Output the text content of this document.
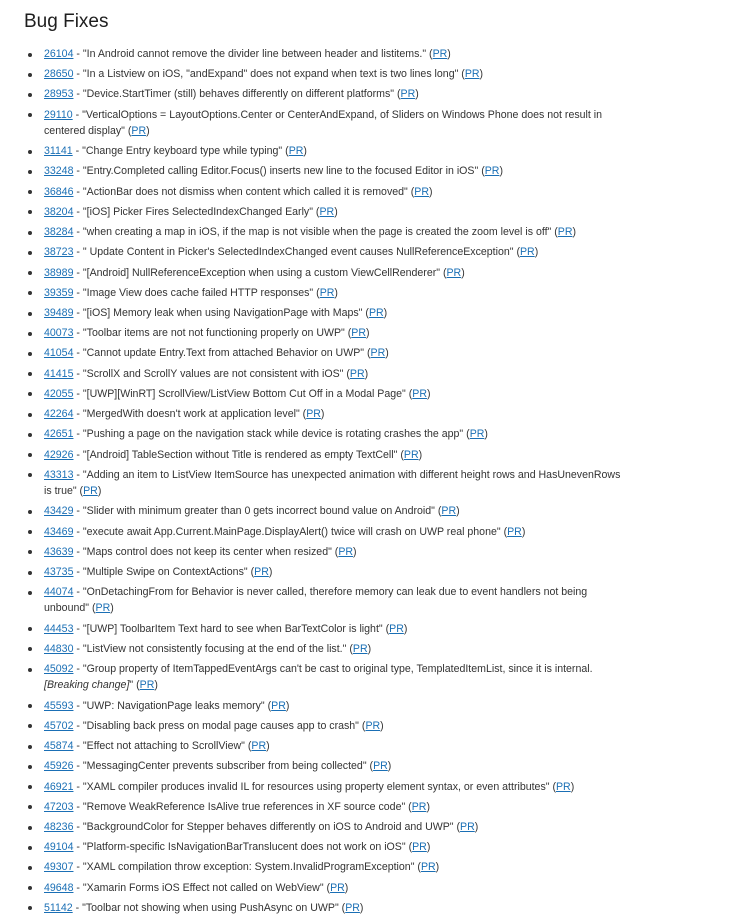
Bug Fixes
26104 - "In Android cannot remove the divider line between header and listitems." (PR)
28650 - "In a Listview on iOS, "andExpand" does not expand when text is two lines long" (PR)
28953 - "Device.StartTimer (still) behaves differently on different platforms" (PR)
29110 - "VerticalOptions = LayoutOptions.Center or CenterAndExpand, of Sliders on Windows Phone does not result in centered display" (PR)
31141 - "Change Entry keyboard type while typing" (PR)
33248 - "Entry.Completed calling Editor.Focus() inserts new line to the focused Editor in iOS" (PR)
36846 - "ActionBar does not dismiss when content which called it is removed" (PR)
38204 - "[iOS] Picker Fires SelectedIndexChanged Early" (PR)
38284 - "when creating a map in iOS, if the map is not visible when the page is created the zoom level is off" (PR)
38723 - " Update Content in Picker's SelectedIndexChanged event causes NullReferenceException" (PR)
38989 - "[Android] NullReferenceException when using a custom ViewCellRenderer" (PR)
39359 - "Image View does cache failed HTTP responses" (PR)
39489 - "[iOS] Memory leak when using NavigationPage with Maps" (PR)
40073 - "Toolbar items are not not functioning properly on UWP" (PR)
41054 - "Cannot update Entry.Text from attached Behavior on UWP" (PR)
41415 - "ScrollX and ScrollY values are not consistent with iOS" (PR)
42055 - "[UWP][WinRT] ScrollView/ListView Bottom Cut Off in a Modal Page" (PR)
42264 - "MergedWith doesn't work at application level" (PR)
42651 - "Pushing a page on the navigation stack while device is rotating crashes the app" (PR)
42926 - "[Android] TableSection without Title is rendered as empty TextCell" (PR)
43313 - "Adding an item to ListView ItemSource has unexpected animation with different height rows and HasUnevenRows is true" (PR)
43429 - "Slider with minimum greater than 0 gets incorrect bound value on Android" (PR)
43469 - "execute await App.Current.MainPage.DisplayAlert() twice will crash on UWP real phone" (PR)
43639 - "Maps control does not keep its center when resized" (PR)
43735 - "Multiple Swipe on ContextActions" (PR)
44074 - "OnDetachingFrom for Behavior is never called, therefore memory can leak due to event handlers not being unbound" (PR)
44453 - "[UWP] ToolbarItem Text hard to see when BarTextColor is light" (PR)
44830 - "ListView not consistently focusing at the end of the list." (PR)
45092 - "Group property of ItemTappedEventArgs can't be cast to original type, TemplatedItemList, since it is internal. [Breaking change]" (PR)
45593 - "UWP: NavigationPage leaks memory" (PR)
45702 - "Disabling back press on modal page causes app to crash" (PR)
45874 - "Effect not attaching to ScrollView" (PR)
45926 - "MessagingCenter prevents subscriber from being collected" (PR)
46921 - "XAML compiler produces invalid IL for resources using property element syntax, or even attributes" (PR)
47203 - "Remove WeakReference IsAlive true references in XF source code" (PR)
48236 - "BackgroundColor for Stepper behaves differently on iOS to Android and UWP" (PR)
49104 - "Platform-specific IsNavigationBarTranslucent does not work on iOS" (PR)
49307 - "XAML compilation throw exception: System.InvalidProgramException" (PR)
49648 - "Xamarin Forms iOS Effect not called on WebView" (PR)
51142 - "Toolbar not showing when using PushAsync on UWP" (PR)
